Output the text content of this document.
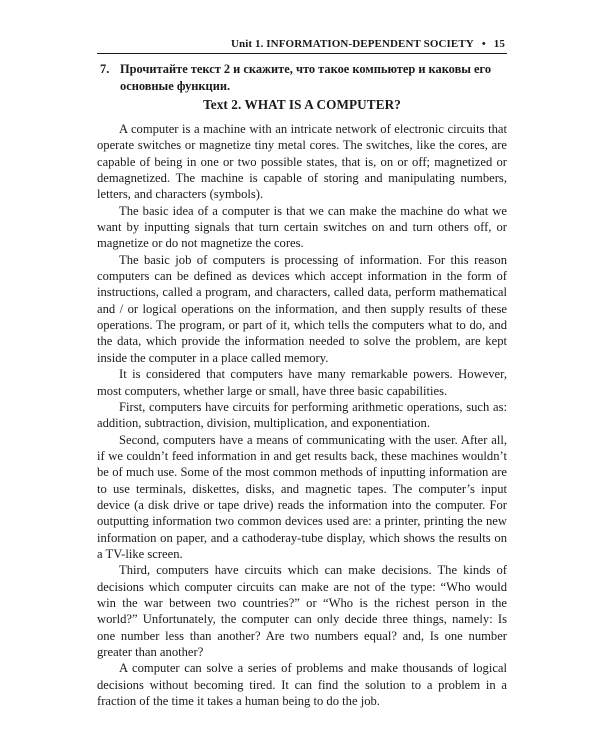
Unit 1. INFORMATION-DEPENDENT SOCIETY • 15
7. Прочитайте текст 2 и скажите, что такое компьютер и каковы его основные функции.
Text 2. WHAT IS A COMPUTER?

A computer is a machine with an intricate network of electronic circuits that operate switches or magnetize tiny metal cores. The switches, like the cores, are capable of being in one or two possible states, that is, on or off; magnetized or demagnetized. The machine is capable of storing and manipulating numbers, letters, and characters (symbols).

The basic idea of a computer is that we can make the machine do what we want by inputting signals that turn certain switches on and turn others off, or magnetize or do not magnetize the cores.

The basic job of computers is processing of information. For this reason computers can be defined as devices which accept information in the form of instructions, called a program, and characters, called data, perform mathematical and / or logical operations on the information, and then supply results of these operations. The program, or part of it, which tells the computers what to do, and the data, which provide the information needed to solve the problem, are kept inside the computer in a place called memory.

It is considered that computers have many remarkable powers. However, most computers, whether large or small, have three basic capabilities.

First, computers have circuits for performing arithmetic operations, such as: addition, subtraction, division, multiplication, and exponentiation.

Second, computers have a means of communicating with the user. After all, if we couldn’t feed information in and get results back, these machines wouldn’t be of much use. Some of the most common methods of inputting information are to use terminals, diskettes, disks, and magnetic tapes. The computer’s input device (a disk drive or tape drive) reads the information into the computer. For outputting information two common devices used are: a printer, printing the new information on paper, and a cathoderay-tube display, which shows the results on a TV-like screen.

Third, computers have circuits which can make decisions. The kinds of decisions which computer circuits can make are not of the type: “Who would win the war between two countries?” or “Who is the richest person in the world?” Unfortunately, the computer can only decide three things, namely: Is one number less than another? Are two numbers equal? and, Is one number greater than another?

A computer can solve a series of problems and make thousands of logical decisions without becoming tired. It can find the solution to a problem in a fraction of the time it takes a human being to do the job.
